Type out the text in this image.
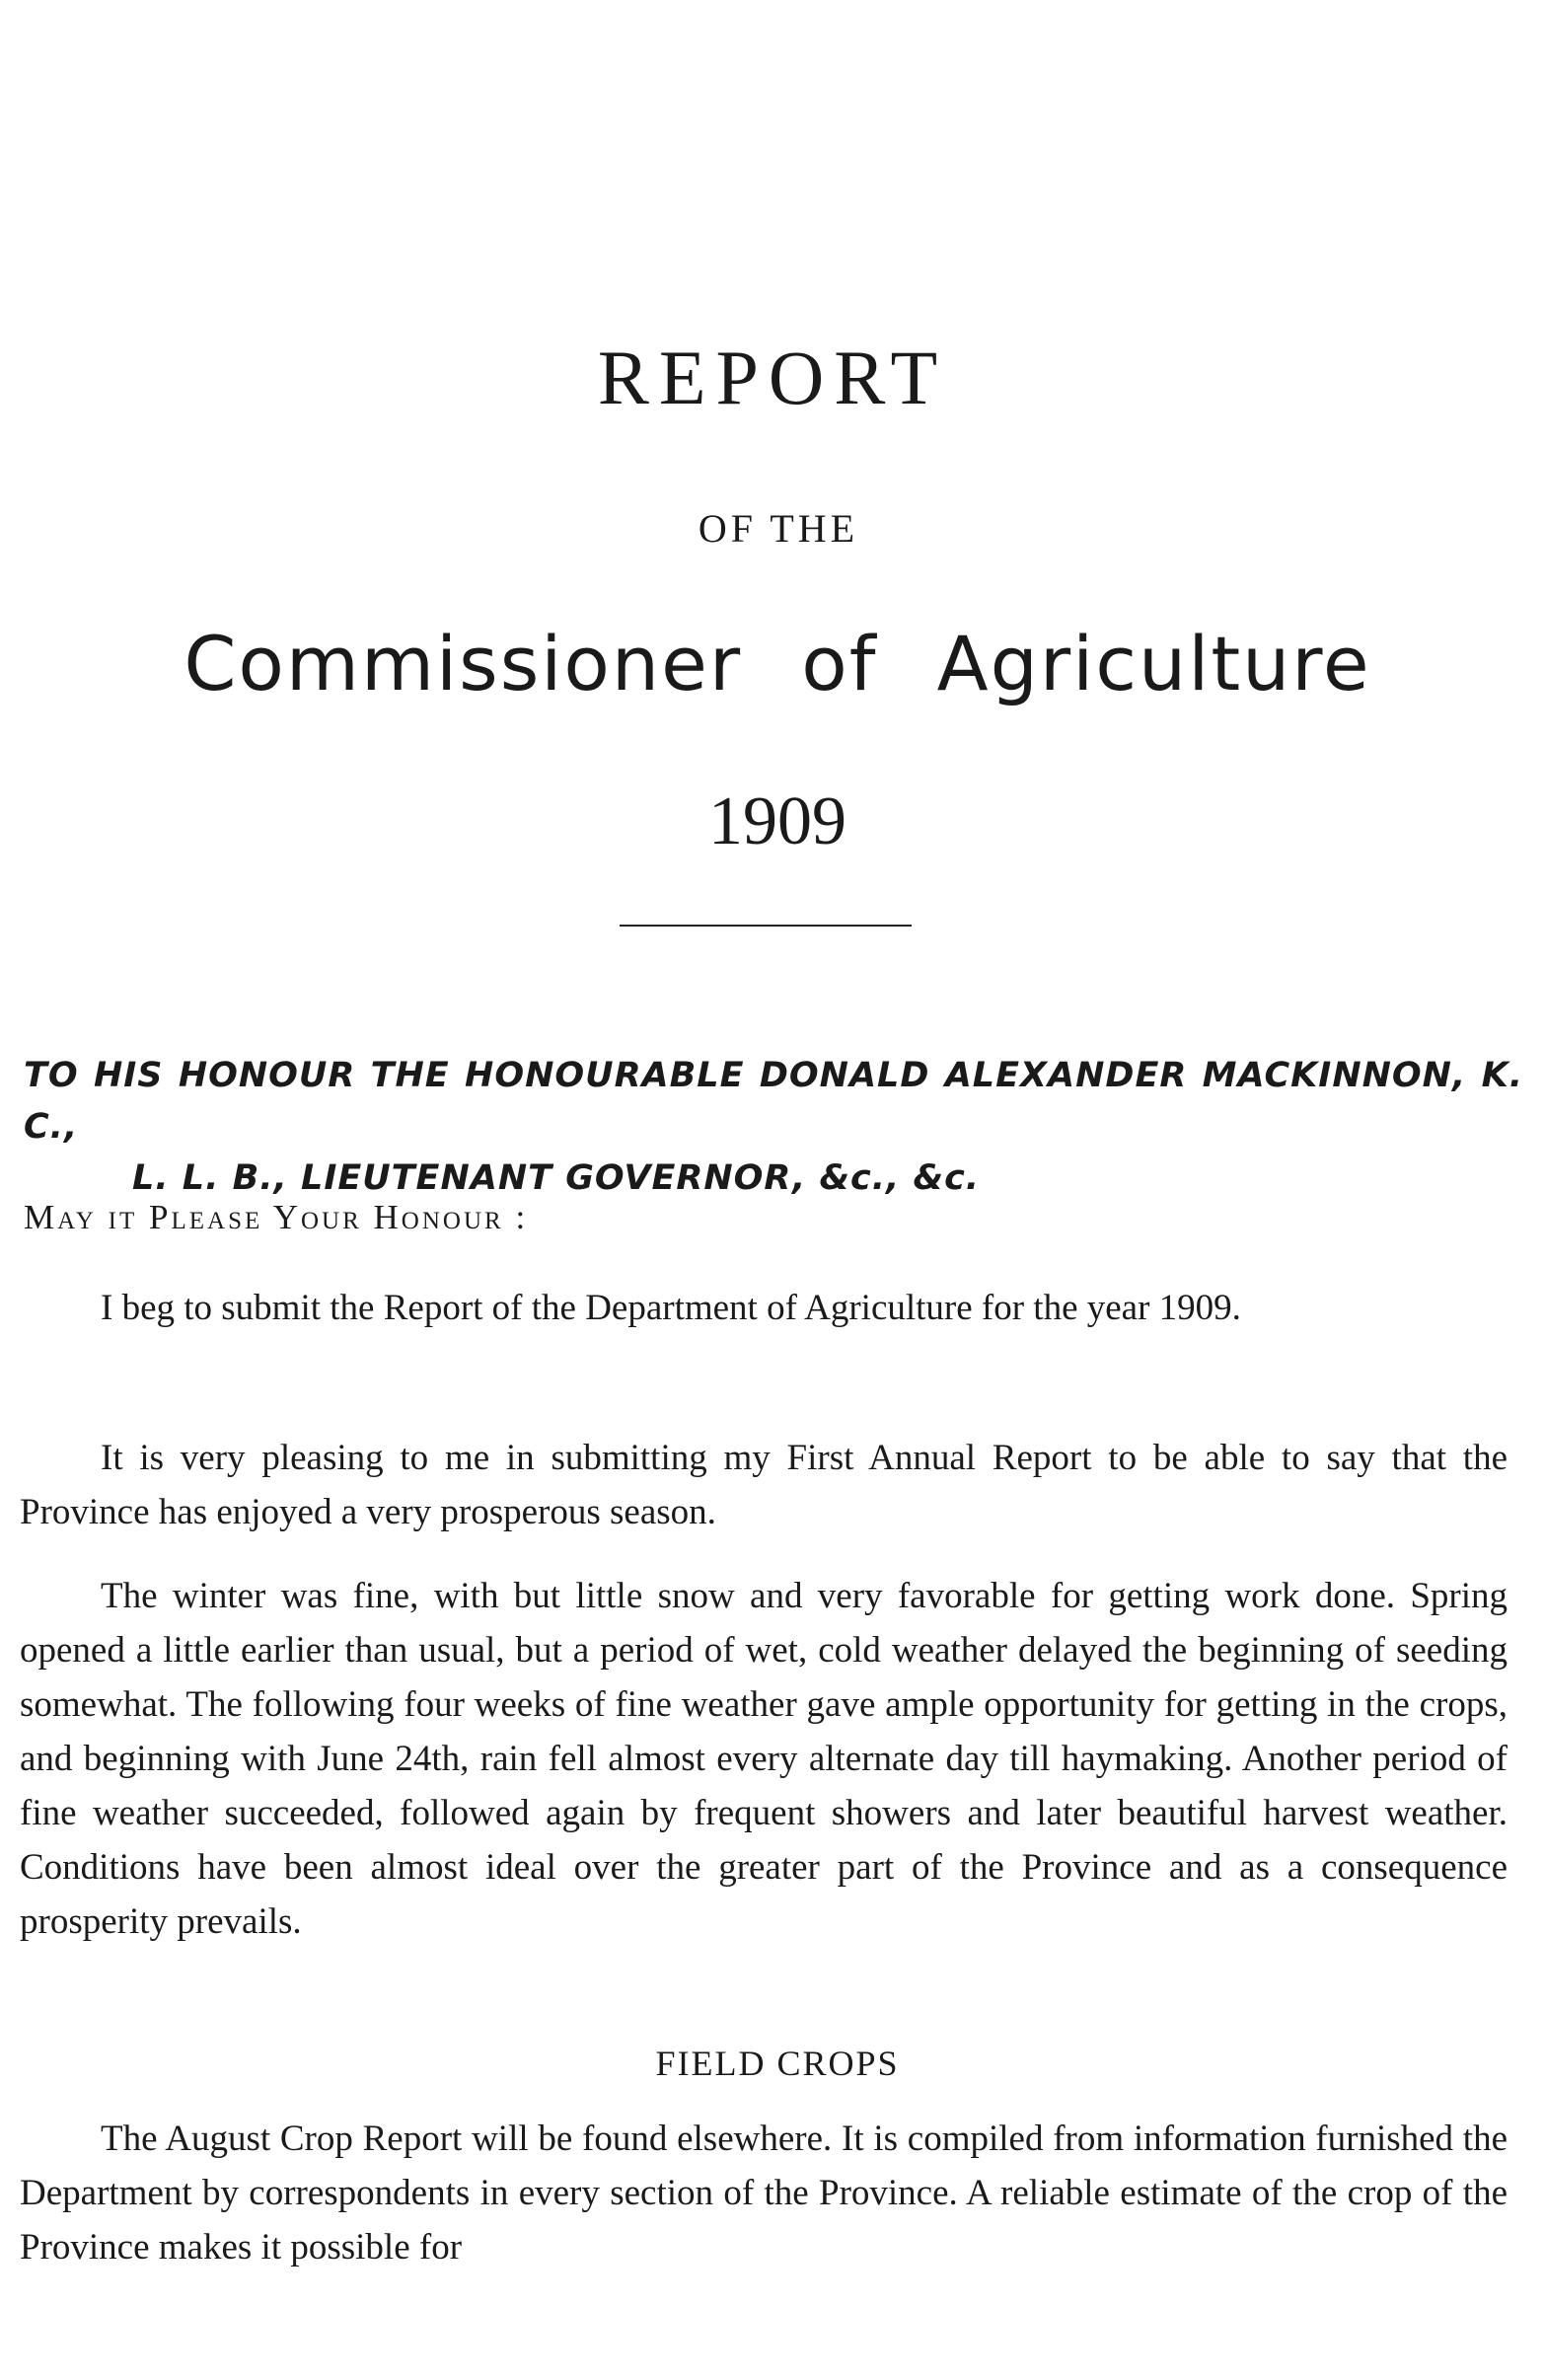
REPORT
OF THE
Commissioner of Agriculture
1909
TO HIS HONOUR THE HONOURABLE DONALD ALEXANDER MACKINNON, K. C.,
L. L. B., LIEUTENANT GOVERNOR, &c., &c.
May it Please Your Honour :

I beg to submit the Report of the Department of Agriculture for the year 1909.

It is very pleasing to me in submitting my First Annual Report to be able to say that the Province has enjoyed a very prosperous season.

The winter was fine, with but little snow and very favorable for getting work done. Spring opened a little earlier than usual, but a period of wet, cold weather delayed the beginning of seeding somewhat. The following four weeks of fine weather gave ample opportunity for getting in the crops, and beginning with June 24th, rain fell almost every alternate day till haymaking. Another period of fine weather succeeded, followed again by frequent showers and later beautiful harvest weather. Conditions have been almost ideal over the greater part of the Province and as a consequence prosperity prevails.

FIELD CROPS

The August Crop Report will be found elsewhere. It is compiled from information furnished the Department by correspondents in every section of the Province. A reliable estimate of the crop of the Province makes it possible for
